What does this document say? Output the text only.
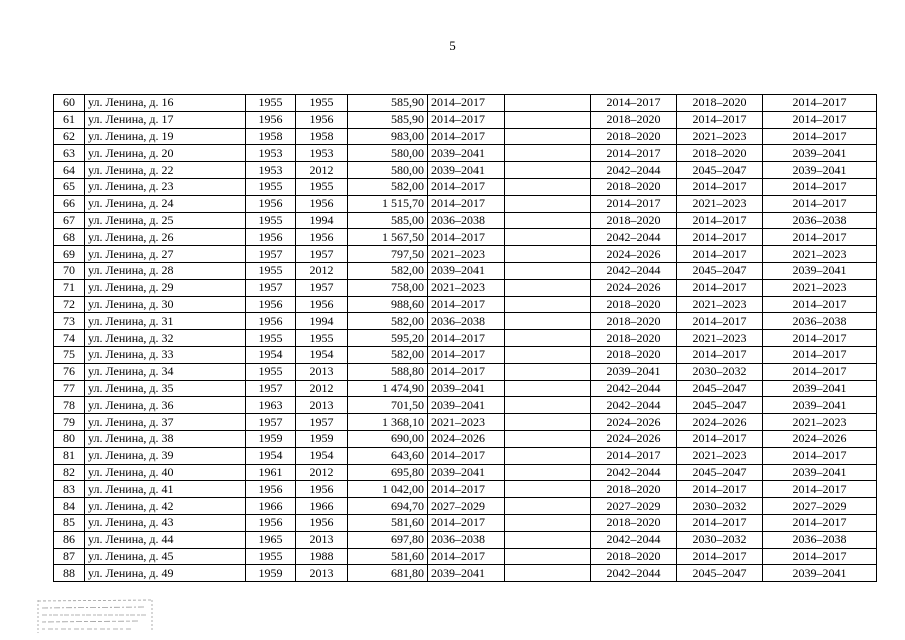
5
60	ул. Ленина, д. 16	1955	1955	585,90	2014–2017		2014–2017	2018–2020	2014–2017
61	ул. Ленина, д. 17	1956	1956	585,90	2014–2017		2018–2020	2014–2017	2014–2017
62	ул. Ленина, д. 19	1958	1958	983,00	2014–2017		2018–2020	2021–2023	2014–2017
63	ул. Ленина, д. 20	1953	1953	580,00	2039–2041		2014–2017	2018–2020	2039–2041
64	ул. Ленина, д. 22	1953	2012	580,00	2039–2041		2042–2044	2045–2047	2039–2041
65	ул. Ленина, д. 23	1955	1955	582,00	2014–2017		2018–2020	2014–2017	2014–2017
66	ул. Ленина, д. 24	1956	1956	1 515,70	2014–2017		2014–2017	2021–2023	2014–2017
67	ул. Ленина, д. 25	1955	1994	585,00	2036–2038		2018–2020	2014–2017	2036–2038
68	ул. Ленина, д. 26	1956	1956	1 567,50	2014–2017		2042–2044	2014–2017	2014–2017
69	ул. Ленина, д. 27	1957	1957	797,50	2021–2023		2024–2026	2014–2017	2021–2023
70	ул. Ленина, д. 28	1955	2012	582,00	2039–2041		2042–2044	2045–2047	2039–2041
71	ул. Ленина, д. 29	1957	1957	758,00	2021–2023		2024–2026	2014–2017	2021–2023
72	ул. Ленина, д. 30	1956	1956	988,60	2014–2017		2018–2020	2021–2023	2014–2017
73	ул. Ленина, д. 31	1956	1994	582,00	2036–2038		2018–2020	2014–2017	2036–2038
74	ул. Ленина, д. 32	1955	1955	595,20	2014–2017		2018–2020	2021–2023	2014–2017
75	ул. Ленина, д. 33	1954	1954	582,00	2014–2017		2018–2020	2014–2017	2014–2017
76	ул. Ленина, д. 34	1955	2013	588,80	2014–2017		2039–2041	2030–2032	2014–2017
77	ул. Ленина, д. 35	1957	2012	1 474,90	2039–2041		2042–2044	2045–2047	2039–2041
78	ул. Ленина, д. 36	1963	2013	701,50	2039–2041		2042–2044	2045–2047	2039–2041
79	ул. Ленина, д. 37	1957	1957	1 368,10	2021–2023		2024–2026	2024–2026	2021–2023
80	ул. Ленина, д. 38	1959	1959	690,00	2024–2026		2024–2026	2014–2017	2024–2026
81	ул. Ленина, д. 39	1954	1954	643,60	2014–2017		2014–2017	2021–2023	2014–2017
82	ул. Ленина, д. 40	1961	2012	695,80	2039–2041		2042–2044	2045–2047	2039–2041
83	ул. Ленина, д. 41	1956	1956	1 042,00	2014–2017		2018–2020	2014–2017	2014–2017
84	ул. Ленина, д. 42	1966	1966	694,70	2027–2029		2027–2029	2030–2032	2027–2029
85	ул. Ленина, д. 43	1956	1956	581,60	2014–2017		2018–2020	2014–2017	2014–2017
86	ул. Ленина, д. 44	1965	2013	697,80	2036–2038		2042–2044	2030–2032	2036–2038
87	ул. Ленина, д. 45	1955	1988	581,60	2014–2017		2018–2020	2014–2017	2014–2017
88	ул. Ленина, д. 49	1959	2013	681,80	2039–2041		2042–2044	2045–2047	2039–2041
